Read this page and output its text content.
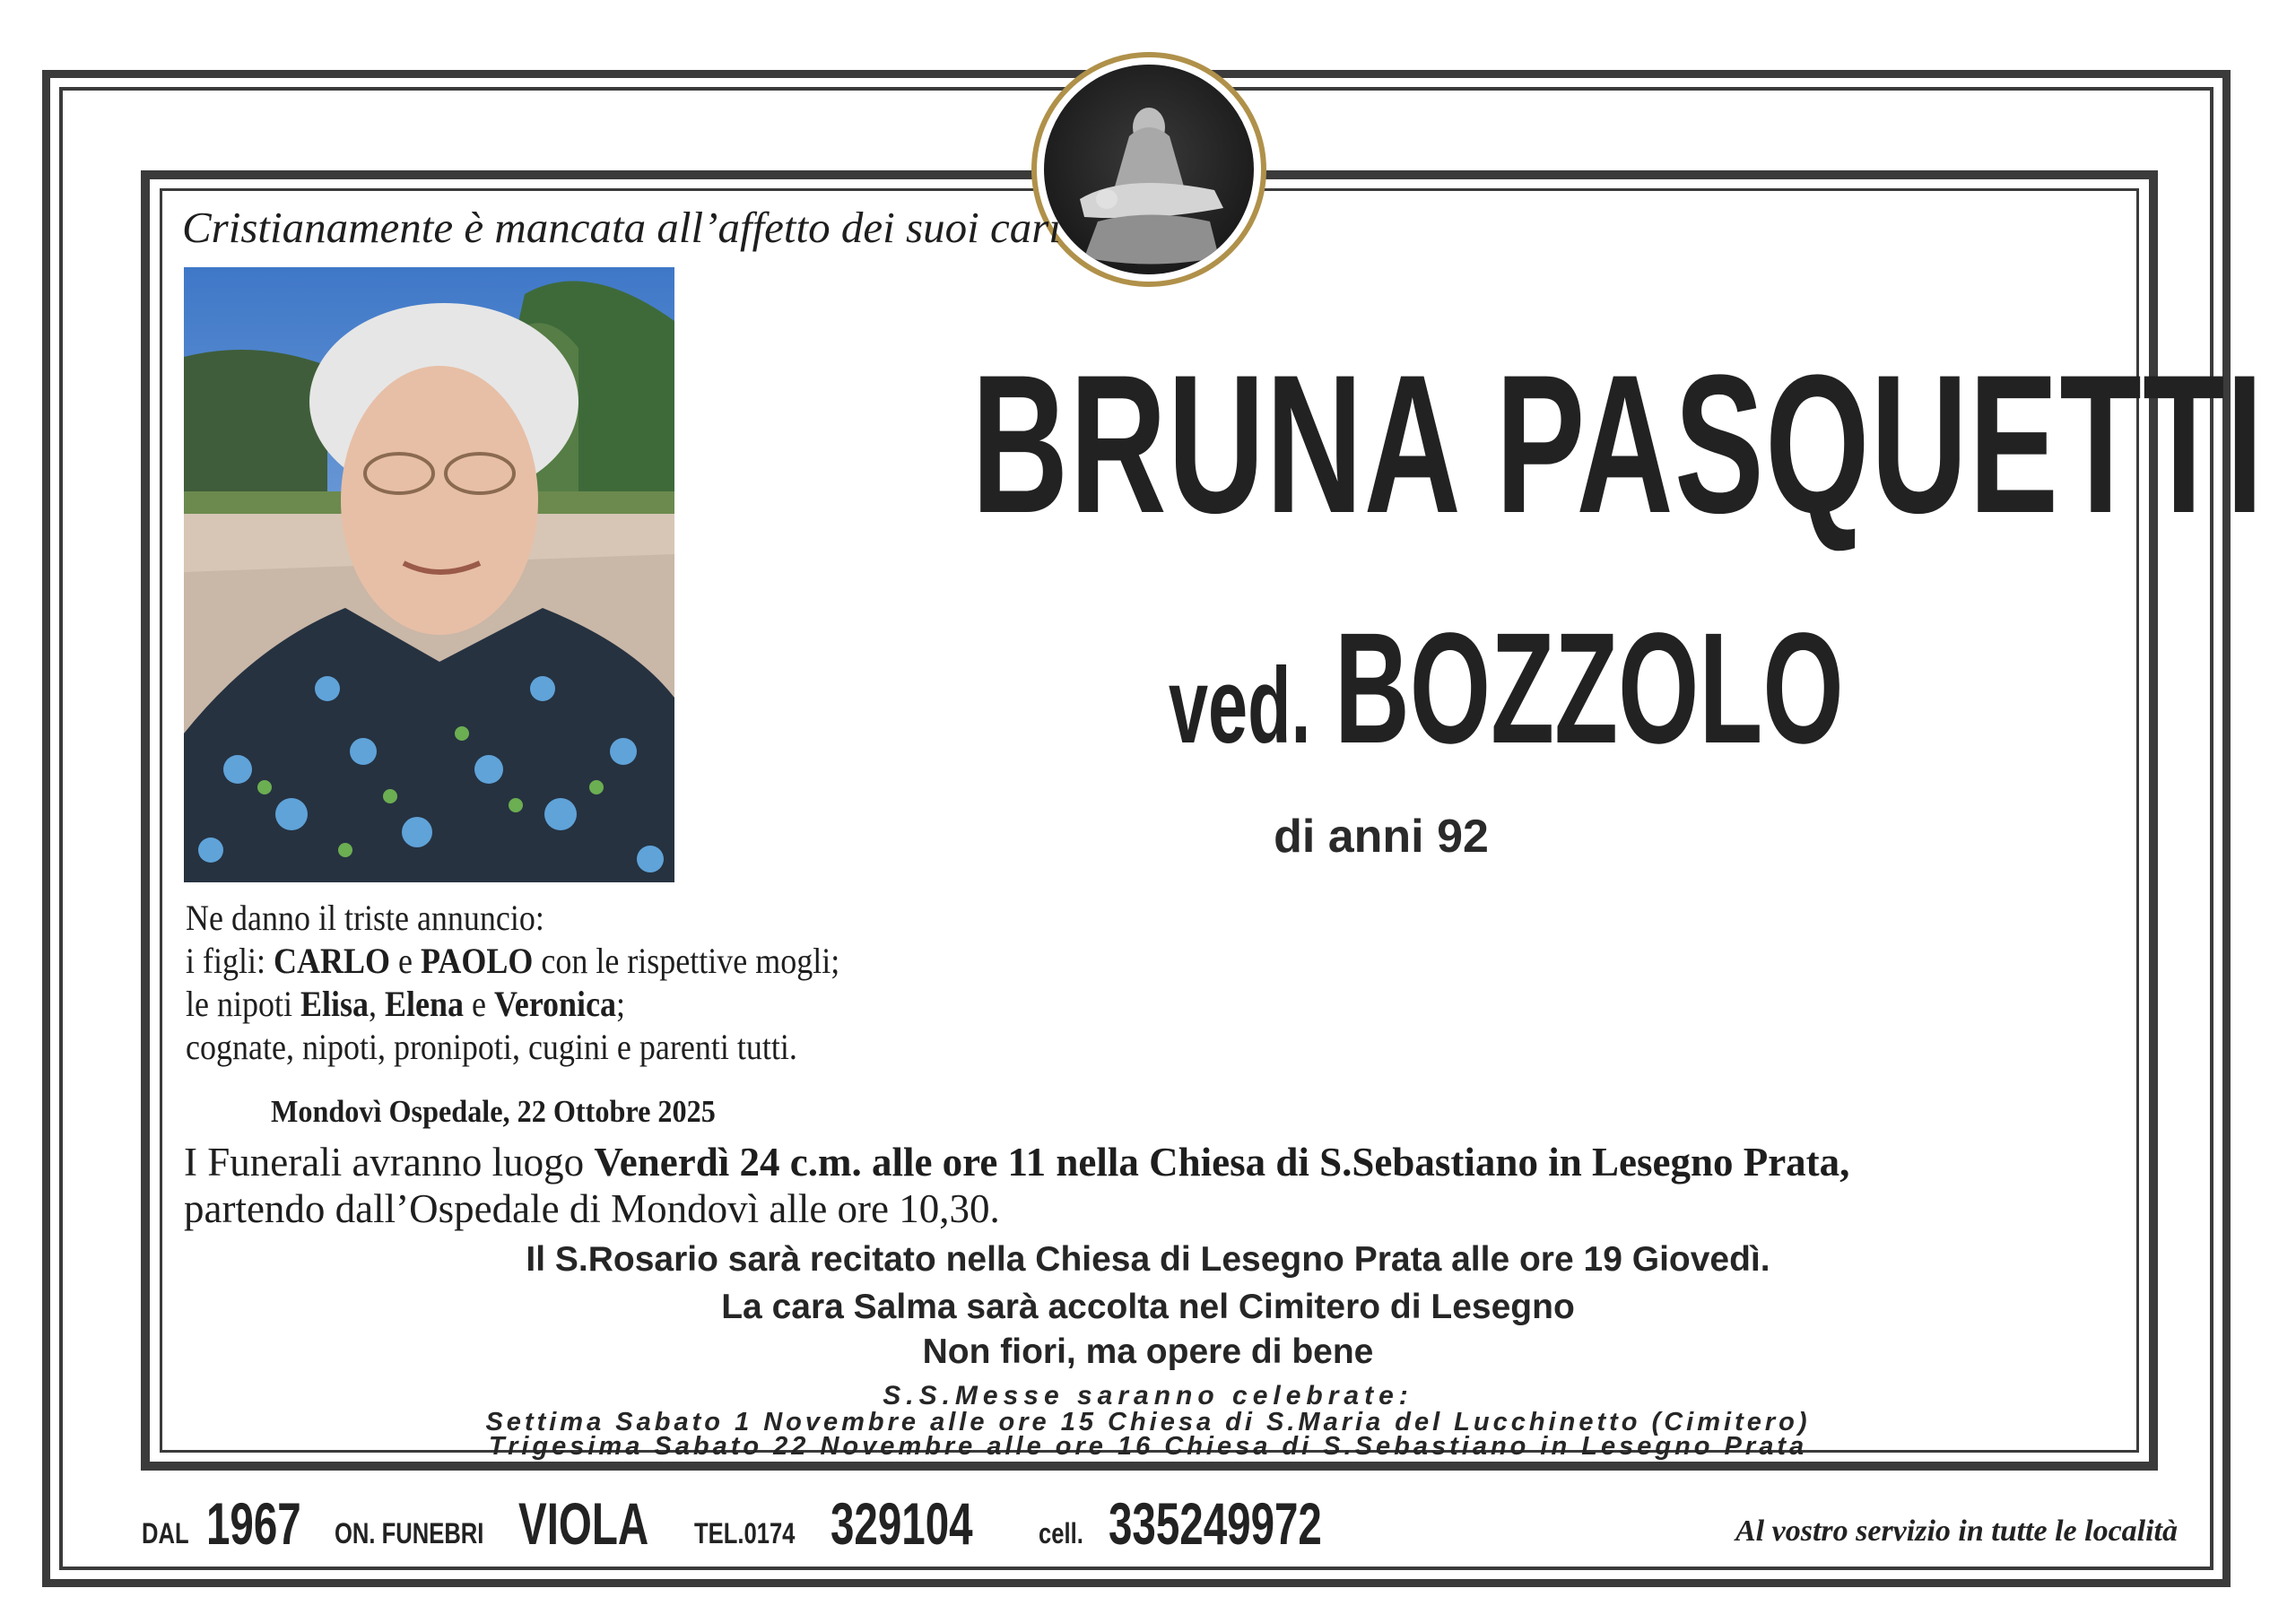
Cristianamente è mancata all’affetto dei suoi cari
BRUNA PASQUETTI
ved. BOZZOLO
di anni 92
Ne danno il triste annuncio:
i figli: CARLO e PAOLO con le rispettive mogli;
le nipoti Elisa, Elena e Veronica;
cognate, nipoti, pronipoti, cugini e parenti tutti.
Mondovì Ospedale, 22 Ottobre 2025
I Funerali avranno luogo Venerdì 24 c.m. alle ore 11 nella Chiesa di S.Sebastiano in Lesegno Prata,
partendo dall’Ospedale di Mondovì alle ore 10,30.
Il S.Rosario sarà recitato nella Chiesa di Lesegno Prata alle ore 19 Giovedì.
La cara Salma sarà accolta nel Cimitero di Lesegno
Non fiori, ma opere di bene
S.S.Messe saranno celebrate:
Settima Sabato 1 Novembre alle ore 15 Chiesa di S.Maria del Lucchinetto (Cimitero)
Trigesima Sabato 22 Novembre alle ore 16 Chiesa di S.Sebastiano in Lesegno Prata
DAL 1967 ON. FUNEBRI VIOLA TEL.0174 329104 cell. 335249972	Al vostro servizio in tutte le località
